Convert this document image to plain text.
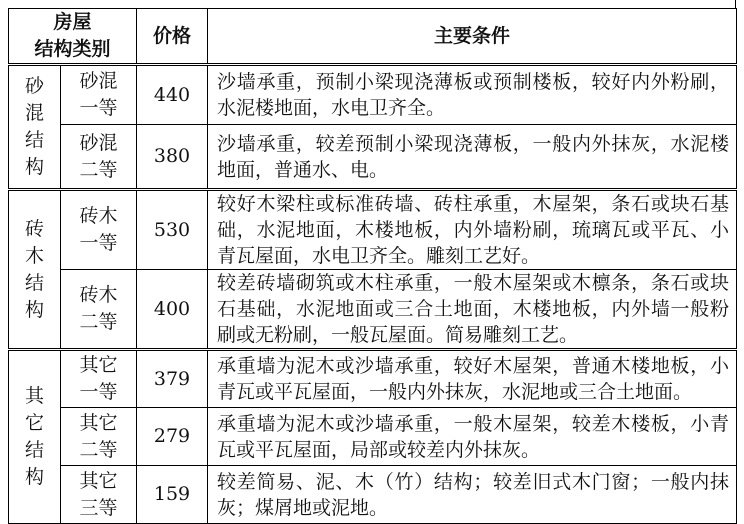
房屋
结构类别		价格	主要条件
砂混结构	砂混一等	440	沙墙承重，预制小梁现浇薄板或预制楼板，较好内外粉刷，
水泥楼地面，水电卫齐全。

	砂混二等	380	沙墙承重，较差预制小梁现浇薄板，一般内外抹灰，水泥楼
地面，普通水、电。

砖木结构	砖木一等	530	较好木梁柱或标准砖墙、砖柱承重，木屋架，条石或块石基
础，水泥地面，木楼地板，内外墙粉刷，琉璃瓦或平瓦、小
青瓦屋面，水电卫齐全。雕刻工艺好。

	砖木二等	400	较差砖墙砌筑或木柱承重，一般木屋架或木檩条，条石或块
石基础，水泥地面或三合土地面，木楼地板，内外墙一般粉
刷或无粉刷，一般瓦屋面。简易雕刻工艺。

其它结构	其它一等	379	承重墙为泥木或沙墙承重，较好木屋架，普通木楼地板，小
青瓦或平瓦屋面，一般内外抹灰，水泥地或三合土地面。

	其它二等	279	承重墙为泥木或沙墙承重，一般木屋架，较差木楼板，小青
瓦或平瓦屋面，局部或较差内外抹灰。

	其它三等	159	较差简易、泥、木（竹）结构；较差旧式木门窗；一般内抹
灰；煤屑地或泥地。
